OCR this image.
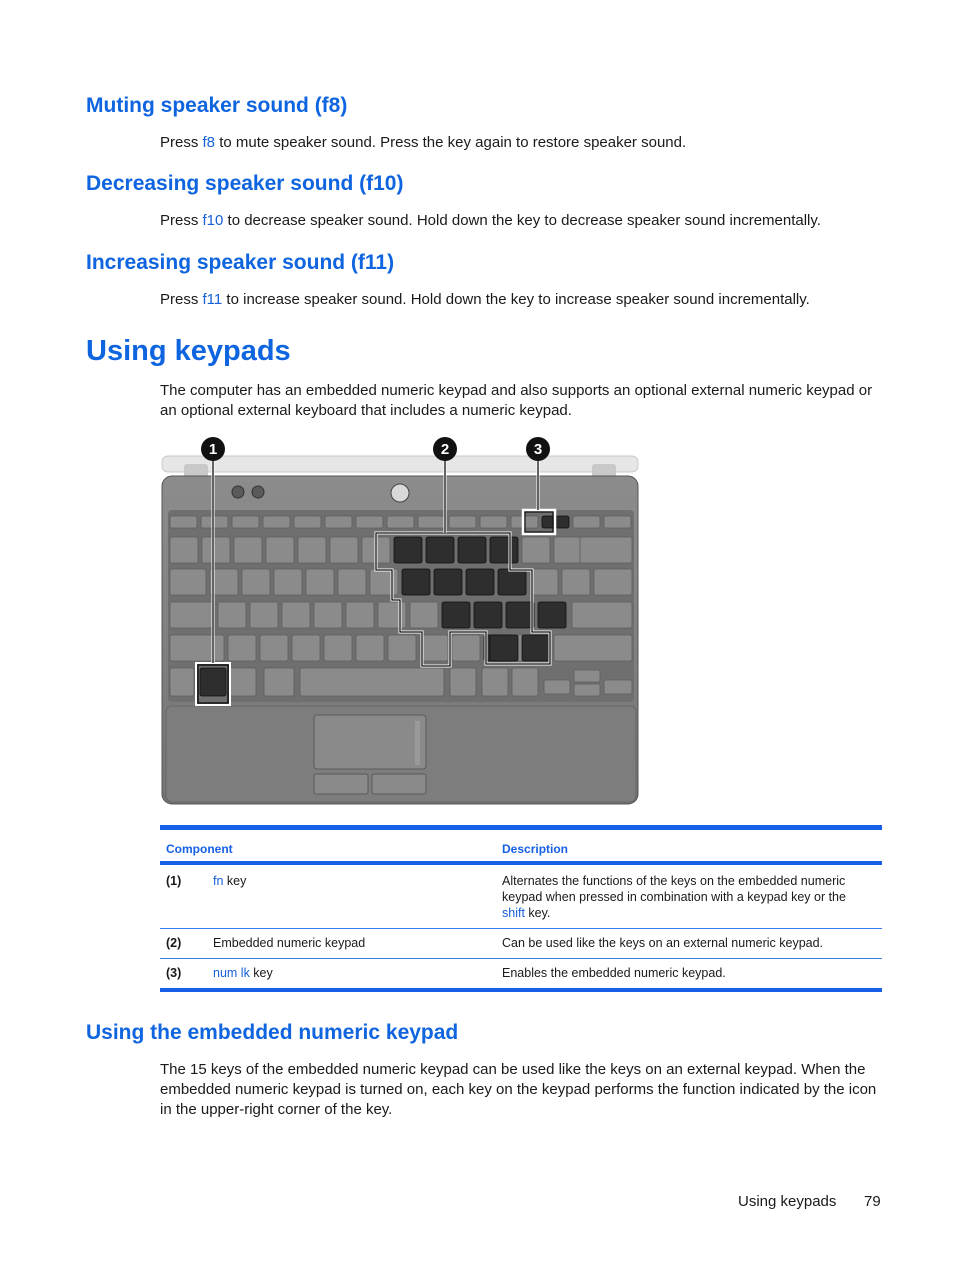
Muting speaker sound (f8)

Press f8 to mute speaker sound. Press the key again to restore speaker sound.

Decreasing speaker sound (f10)

Press f10 to decrease speaker sound. Hold down the key to decrease speaker sound incrementally.

Increasing speaker sound (f11)

Press f11 to increase speaker sound. Hold down the key to increase speaker sound incrementally.

Using keypads

The computer has an embedded numeric keypad and also supports an optional external numeric keypad or an optional external keyboard that includes a numeric keypad.

1	2	3
Component	Description
(1)	fn key	Alternates the functions of the keys on the embedded numeric keypad when pressed in combination with a keypad key or the shift key.
(2)	Embedded numeric keypad	Can be used like the keys on an external numeric keypad.
(3)	num lk key	Enables the embedded numeric keypad.
Using the embedded numeric keypad

The 15 keys of the embedded numeric keypad can be used like the keys on an external keypad. When the embedded numeric keypad is turned on, each key on the keypad performs the function indicated by the icon in the upper-right corner of the key.

Using keypads 79
